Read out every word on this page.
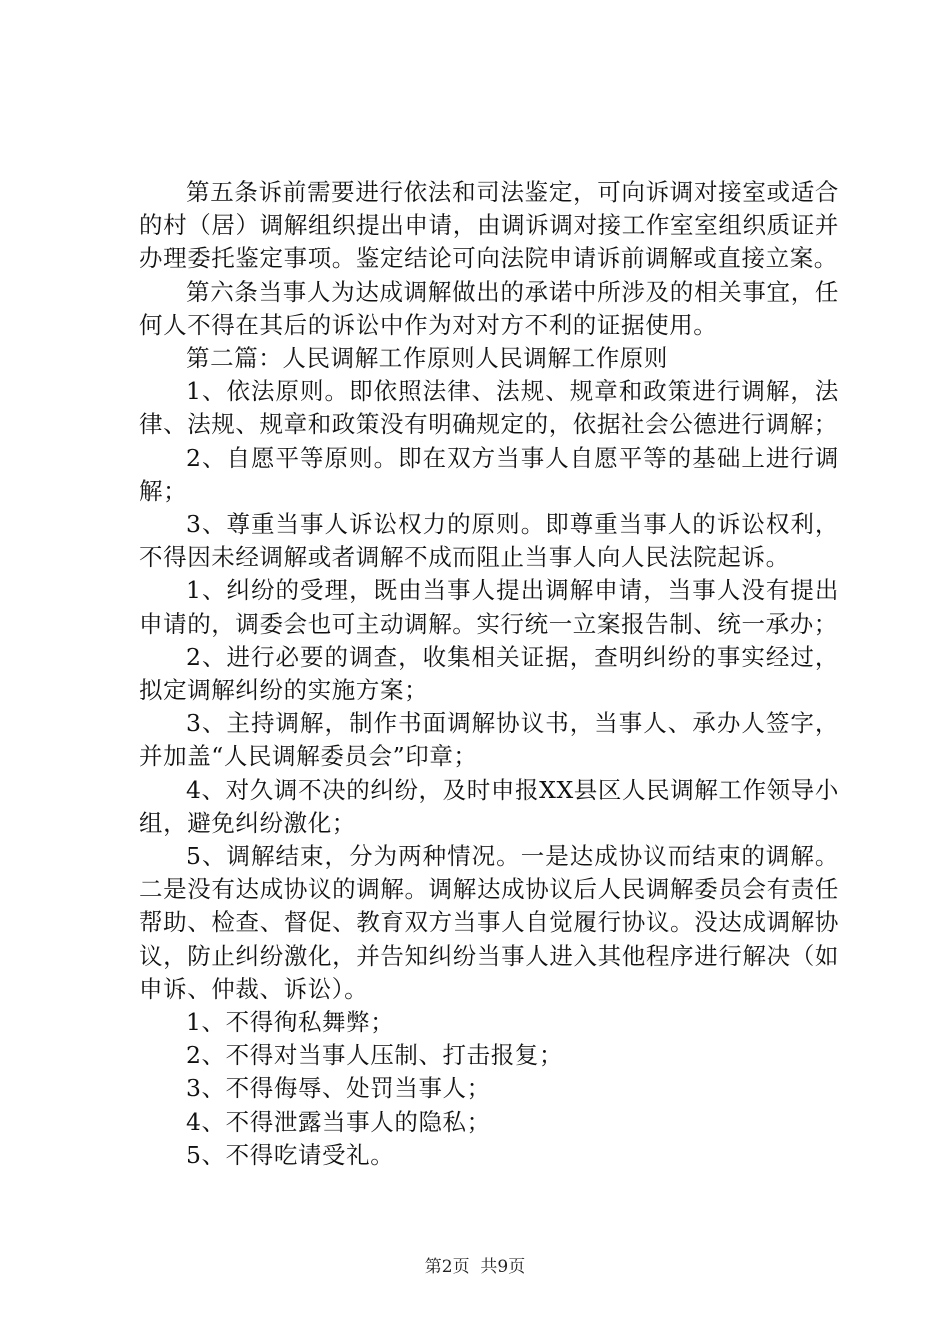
第五条诉前需要进行依法和司法鉴定，可向诉调对接室或适合的村（居）调解组织提出申请，由调诉调对接工作室室组织质证并办理委托鉴定事项。鉴定结论可向法院申请诉前调解或直接立案。

第六条当事人为达成调解做出的承诺中所涉及的相关事宜，任何人不得在其后的诉讼中作为对对方不利的证据使用。

第二篇：人民调解工作原则人民调解工作原则

1、依法原则。即依照法律、法规、规章和政策进行调解，法律、法规、规章和政策没有明确规定的，依据社会公德进行调解；

2、自愿平等原则。即在双方当事人自愿平等的基础上进行调解；

3、尊重当事人诉讼权力的原则。即尊重当事人的诉讼权利，不得因未经调解或者调解不成而阻止当事人向人民法院起诉。

1、纠纷的受理，既由当事人提出调解申请，当事人没有提出申请的，调委会也可主动调解。实行统一立案报告制、统一承办；

2、进行必要的调查，收集相关证据，查明纠纷的事实经过，拟定调解纠纷的实施方案；

3、主持调解，制作书面调解协议书，当事人、承办人签字，并加盖“人民调解委员会”印章；

4、对久调不决的纠纷，及时申报XX县区人民调解工作领导小组，避免纠纷激化；

5、调解结束，分为两种情况。一是达成协议而结束的调解。二是没有达成协议的调解。调解达成协议后人民调解委员会有责任帮助、检查、督促、教育双方当事人自觉履行协议。没达成调解协议，防止纠纷激化，并告知纠纷当事人进入其他程序进行解决（如申诉、仲裁、诉讼）。

1、不得徇私舞弊；

2、不得对当事人压制、打击报复；

3、不得侮辱、处罚当事人；

4、不得泄露当事人的隐私；

5、不得吃请受礼。

第2页  共9页
